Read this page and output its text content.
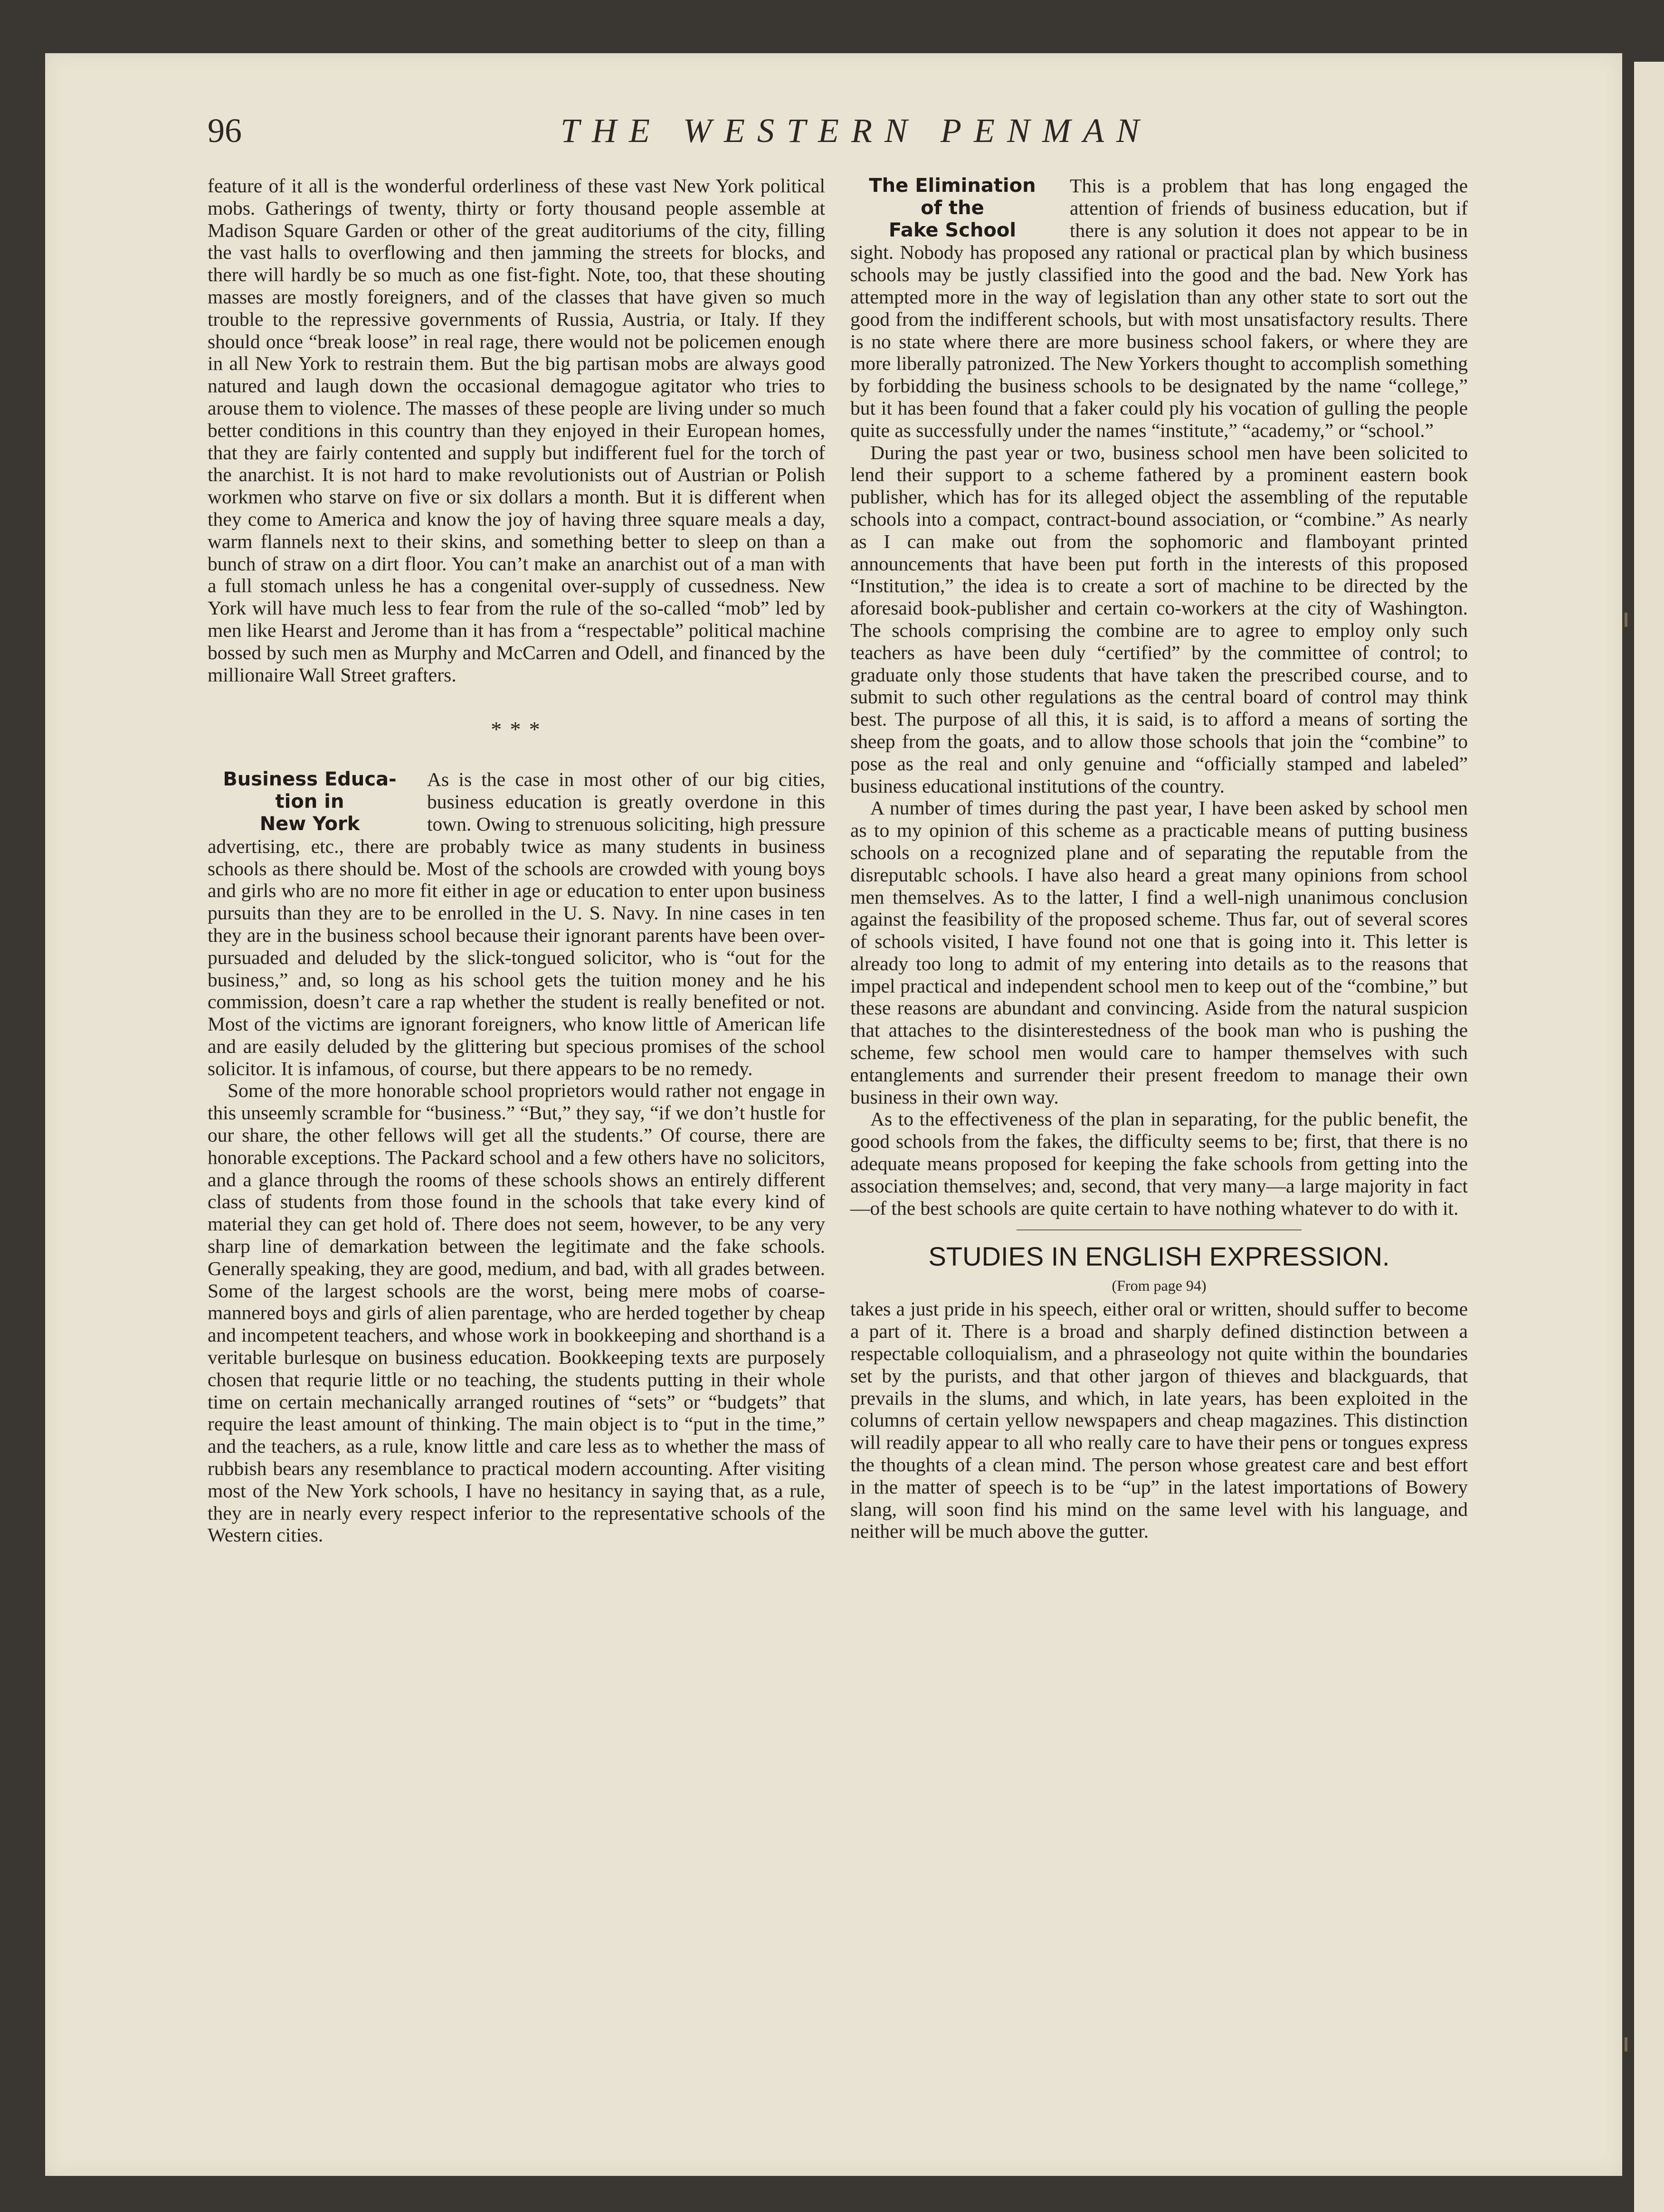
96	THE WESTERN PENMAN

feature of it all is the wonderful orderliness of these vast New York political mobs. Gatherings of twenty, thirty or forty thousand people assemble at Madison Square Garden or other of the great auditoriums of the city, filling the vast halls to overflowing and then jamming the streets for blocks, and there will hardly be so much as one fist-fight. Note, too, that these shouting masses are mostly foreigners, and of the classes that have given so much trouble to the repressive governments of Russia, Austria, or Italy. If they should once “break loose” in real rage, there would not be policemen enough in all New York to restrain them. But the big partisan mobs are always good natured and laugh down the occasional demagogue agitator who tries to arouse them to violence. The masses of these people are living under so much better conditions in this country than they enjoyed in their European homes, that they are fairly contented and supply but indifferent fuel for the torch of the anarchist. It is not hard to make revolutionists out of Austrian or Polish workmen who starve on five or six dollars a month. But it is different when they come to America and know the joy of having three square meals a day, warm flannels next to their skins, and something better to sleep on than a bunch of straw on a dirt floor. You can’t make an anarchist out of a man with a full stomach unless he has a congenital over-supply of cussedness. New York will have much less to fear from the rule of the so-called “mob” led by men like Hearst and Jerome than it has from a “respectable” political machine bossed by such men as Murphy and McCarren and Odell, and financed by the millionaire Wall Street grafters.

* * *
Business Educa-
tion in
New York

As is the case in most other of our big cities, business education is greatly overdone in this town. Owing to strenuous soliciting, high pressure advertising, etc., there are probably twice as many students in business schools as there should be. Most of the schools are crowded with young boys and girls who are no more fit either in age or education to enter upon business pursuits than they are to be enrolled in the U. S. Navy. In nine cases in ten they are in the business school because their ignorant parents have been over-pursuaded and deluded by the slick-tongued solicitor, who is “out for the business,” and, so long as his school gets the tuition money and he his commission, doesn’t care a rap whether the student is really benefited or not. Most of the victims are ignorant foreigners, who know little of American life and are easily deluded by the glittering but specious promises of the school solicitor. It is infamous, of course, but there appears to be no remedy.

Some of the more honorable school proprietors would rather not engage in this unseemly scramble for “business.” “But,” they say, “if we don’t hustle for our share, the other fellows will get all the students.” Of course, there are honorable exceptions. The Packard school and a few others have no solicitors, and a glance through the rooms of these schools shows an entirely different class of students from those found in the schools that take every kind of material they can get hold of. There does not seem, however, to be any very sharp line of demarkation between the legitimate and the fake schools. Generally speaking, they are good, medium, and bad, with all grades between. Some of the largest schools are the worst, being mere mobs of coarse-mannered boys and girls of alien parentage, who are herded together by cheap and incompetent teachers, and whose work in bookkeeping and shorthand is a veritable burlesque on business education. Bookkeeping texts are purposely chosen that requrie little or no teaching, the students putting in their whole time on certain mechanically arranged routines of “sets” or “budgets” that require the least amount of thinking. The main object is to “put in the time,” and the teachers, as a rule, know little and care less as to whether the mass of rubbish bears any resemblance to practical modern accounting. After visiting most of the New York schools, I have no hesitancy in saying that, as a rule, they are in nearly every respect inferior to the representative schools of the Western cities.

The Elimination
of the
Fake School

This is a problem that has long engaged the attention of friends of business education, but if there is any solution it does not appear to be in sight. Nobody has proposed any rational or practical plan by which business schools may be justly classified into the good and the bad. New York has attempted more in the way of legislation than any other state to sort out the good from the indifferent schools, but with most unsatisfactory results. There is no state where there are more business school fakers, or where they are more liberally patronized. The New Yorkers thought to accomplish something by forbidding the business schools to be designated by the name “college,” but it has been found that a faker could ply his vocation of gulling the people quite as successfully under the names “institute,” “academy,” or “school.”

During the past year or two, business school men have been solicited to lend their support to a scheme fathered by a prominent eastern book publisher, which has for its alleged object the assembling of the reputable schools into a compact, contract-bound association, or “combine.” As nearly as I can make out from the sophomoric and flamboyant printed announcements that have been put forth in the interests of this proposed “Institution,” the idea is to create a sort of machine to be directed by the aforesaid book-publisher and certain co-workers at the city of Washington. The schools comprising the combine are to agree to employ only such teachers as have been duly “certified” by the committee of control; to graduate only those students that have taken the prescribed course, and to submit to such other regulations as the central board of control may think best. The purpose of all this, it is said, is to afford a means of sorting the sheep from the goats, and to allow those schools that join the “combine” to pose as the real and only genuine and “officially stamped and labeled” business educational institutions of the country.

A number of times during the past year, I have been asked by school men as to my opinion of this scheme as a practicable means of putting business schools on a recognized plane and of separating the reputable from the disreputablc schools. I have also heard a great many opinions from school men themselves. As to the latter, I find a well-nigh unanimous conclusion against the feasibility of the proposed scheme. Thus far, out of several scores of schools visited, I have found not one that is going into it. This letter is already too long to admit of my entering into details as to the reasons that impel practical and independent school men to keep out of the “combine,” but these reasons are abundant and convincing. Aside from the natural suspicion that attaches to the disinterestedness of the book man who is pushing the scheme, few school men would care to hamper themselves with such entanglements and surrender their present freedom to manage their own business in their own way.

As to the effectiveness of the plan in separating, for the public benefit, the good schools from the fakes, the difficulty seems to be; first, that there is no adequate means proposed for keeping the fake schools from getting into the association themselves; and, second, that very many—a large majority in fact—of the best schools are quite certain to have nothing whatever to do with it.

STUDIES IN ENGLISH EXPRESSION.

(From page 94)

takes a just pride in his speech, either oral or written, should suffer to become a part of it. There is a broad and sharply defined distinction between a respectable colloquialism, and a phraseology not quite within the boundaries set by the purists, and that other jargon of thieves and blackguards, that prevails in the slums, and which, in late years, has been exploited in the columns of certain yellow newspapers and cheap magazines. This distinction will readily appear to all who really care to have their pens or tongues express the thoughts of a clean mind. The person whose greatest care and best effort in the matter of speech is to be “up” in the latest importations of Bowery slang, will soon find his mind on the same level with his language, and neither will be much above the gutter.
